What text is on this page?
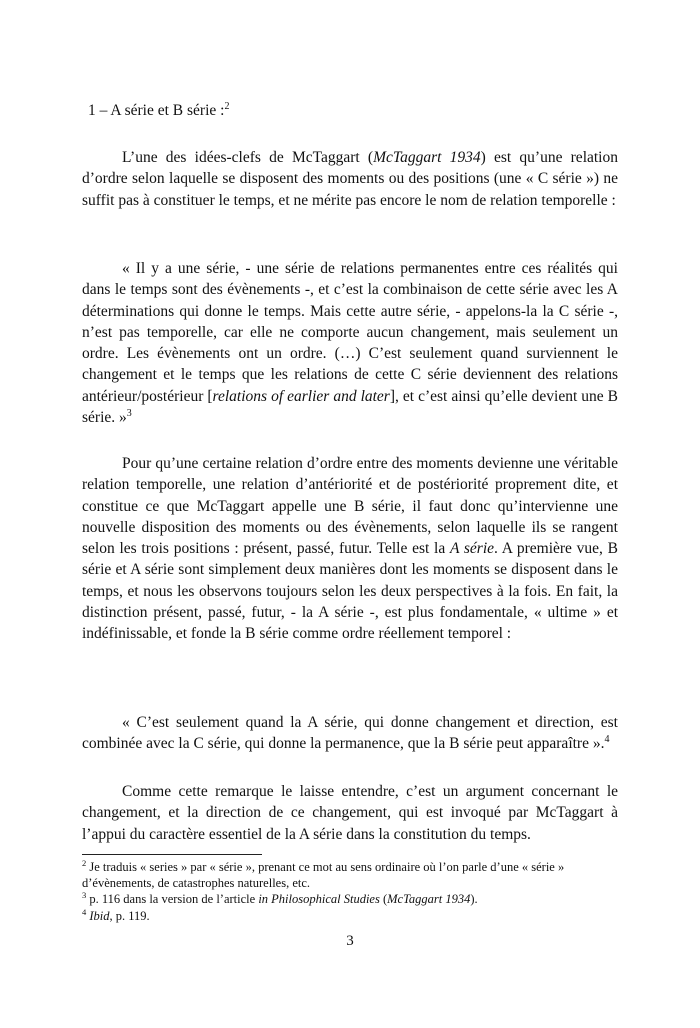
1 – A série et B série :$^2$

L’une des idées-clefs de McTaggart (McTaggart 1934) est qu’une relation d’ordre selon laquelle se disposent des moments ou des positions (une « C série ») ne suffit pas à constituer le temps, et ne mérite pas encore le nom de relation temporelle :

« Il y a une série, - une série de relations permanentes entre ces réalités qui dans le temps sont des évènements -, et c’est la combinaison de cette série avec les A déterminations qui donne le temps. Mais cette autre série, - appelons-la la C série -, n’est pas temporelle, car elle ne comporte aucun changement, mais seulement un ordre. Les évènements ont un ordre. (…) C’est seulement quand surviennent le changement et le temps que les relations de cette C série deviennent des relations antérieur/postérieur [relations of earlier and later], et c’est ainsi qu’elle devient une B série. »$^3$

Pour qu’une certaine relation d’ordre entre des moments devienne une véritable relation temporelle, une relation d’antériorité et de postériorité proprement dite, et constitue ce que McTaggart appelle une B série, il faut donc qu’intervienne une nouvelle disposition des moments ou des évènements, selon laquelle ils se rangent selon les trois positions : présent, passé, futur. Telle est la A série. A première vue, B série et A série sont simplement deux manières dont les moments se disposent dans le temps, et nous les observons toujours selon les deux perspectives à la fois. En fait, la distinction présent, passé, futur, - la A série -, est plus fondamentale, « ultime » et indéfinissable, et fonde la B série comme ordre réellement temporel :

« C’est seulement quand la A série, qui donne changement et direction, est combinée avec la C série, qui donne la permanence, que la B série peut apparaître ».$^4$

Comme cette remarque le laisse entendre, c’est un argument concernant le changement, et la direction de ce changement, qui est invoqué par McTaggart à l’appui du caractère essentiel de la A série dans la constitution du temps.

$^2$ Je traduis « series » par « série », prenant ce mot au sens ordinaire où l’on parle d’une « série » d’évènements, de catastrophes naturelles, etc.

$^3$ p. 116 dans la version de l’article in Philosophical Studies (McTaggart 1934).

$^4$ Ibid, p. 119.

3
